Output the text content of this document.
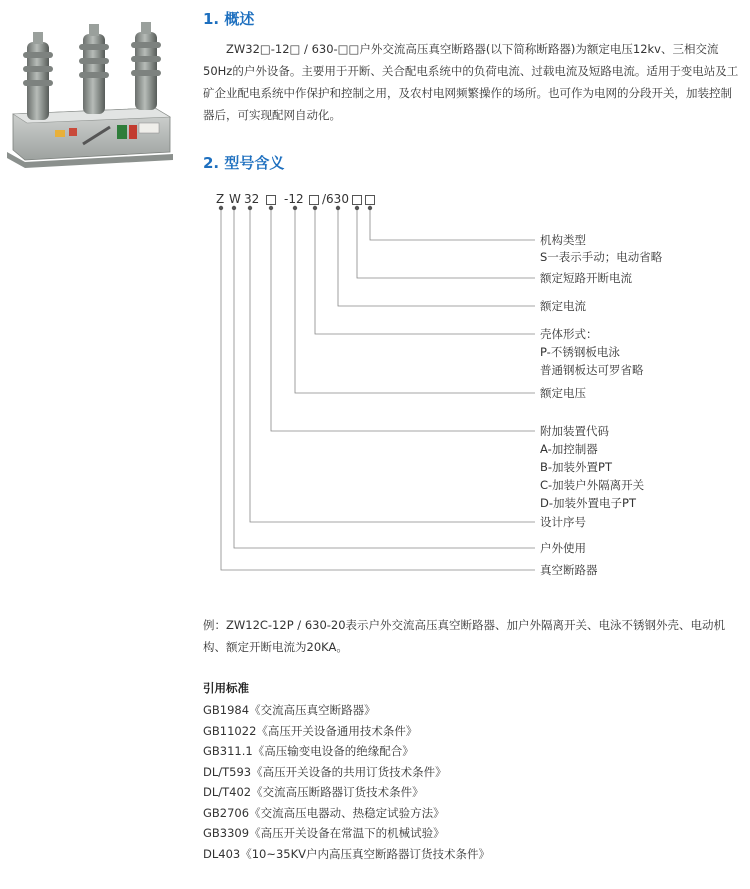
1. 概述

ZW32□-12□ / 630-□□户外交流高压真空断路器(以下简称断路器)为额定电压12kv、三相交流50Hz的户外设备。主要用于开断、关合配电系统中的负荷电流、过载电流及短路电流。适用于变电站及工矿企业配电系统中作保护和控制之用，及农村电网频繁操作的场所。也可作为电网的分段开关，加装控制器后，可实现配网自动化。

2. 型号含义
Z W 32 -12 /630
机构类型
S一表示手动；电动省略
额定短路开断电流
额定电流
壳体形式：
P-不锈钢板电泳
普通钢板达可罗省略
额定电压
附加装置代码
A-加控制器
B-加装外置PT
C-加装户外隔离开关
D-加装外置电子PT
设计序号
户外使用
真空断路器

例：ZW12C-12P / 630-20表示户外交流高压真空断路器、加户外隔离开关、电泳不锈钢外壳、电动机构、额定开断电流为20KA。

引用标准
GB1984《交流高压真空断路器》
GB11022《高压开关设备通用技术条件》
GB311.1《高压输变电设备的绝缘配合》
DL/T593《高压开关设备的共用订货技术条件》
DL/T402《交流高压断路器订货技术条件》
GB2706《交流高压电器动、热稳定试验方法》
GB3309《高压开关设备在常温下的机械试验》
DL403《10~35KV户内高压真空断路器订货技术条件》
